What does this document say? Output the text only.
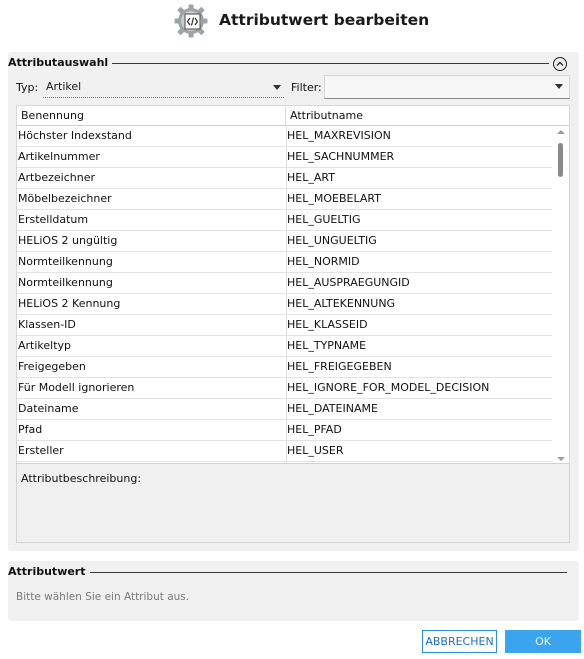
Attributwert bearbeiten
Attributauswahl
Typ: Artikel	Filter:
Benennung	Attributname
Höchster Indexstand	HEL_MAXREVISION
Artikelnummer	HEL_SACHNUMMER
Artbezeichner	HEL_ART
Möbelbezeichner	HEL_MOEBELART
Erstelldatum	HEL_GUELTIG
HELiOS 2 ungültig	HEL_UNGUELTIG
Normteilkennung	HEL_NORMID
Normteilkennung	HEL_AUSPRAEGUNGID
HELiOS 2 Kennung	HEL_ALTEKENNUNG
Klassen-ID	HEL_KLASSEID
Artikeltyp	HEL_TYPNAME
Freigegeben	HEL_FREIGEGEBEN
Für Modell ignorieren	HEL_IGNORE_FOR_MODEL_DECISION
Dateiname	HEL_DATEINAME
Pfad	HEL_PFAD
Ersteller	HEL_USER
Attributbeschreibung:
Attributwert
Bitte wählen Sie ein Attribut aus.
ABBRECHEN	OK
